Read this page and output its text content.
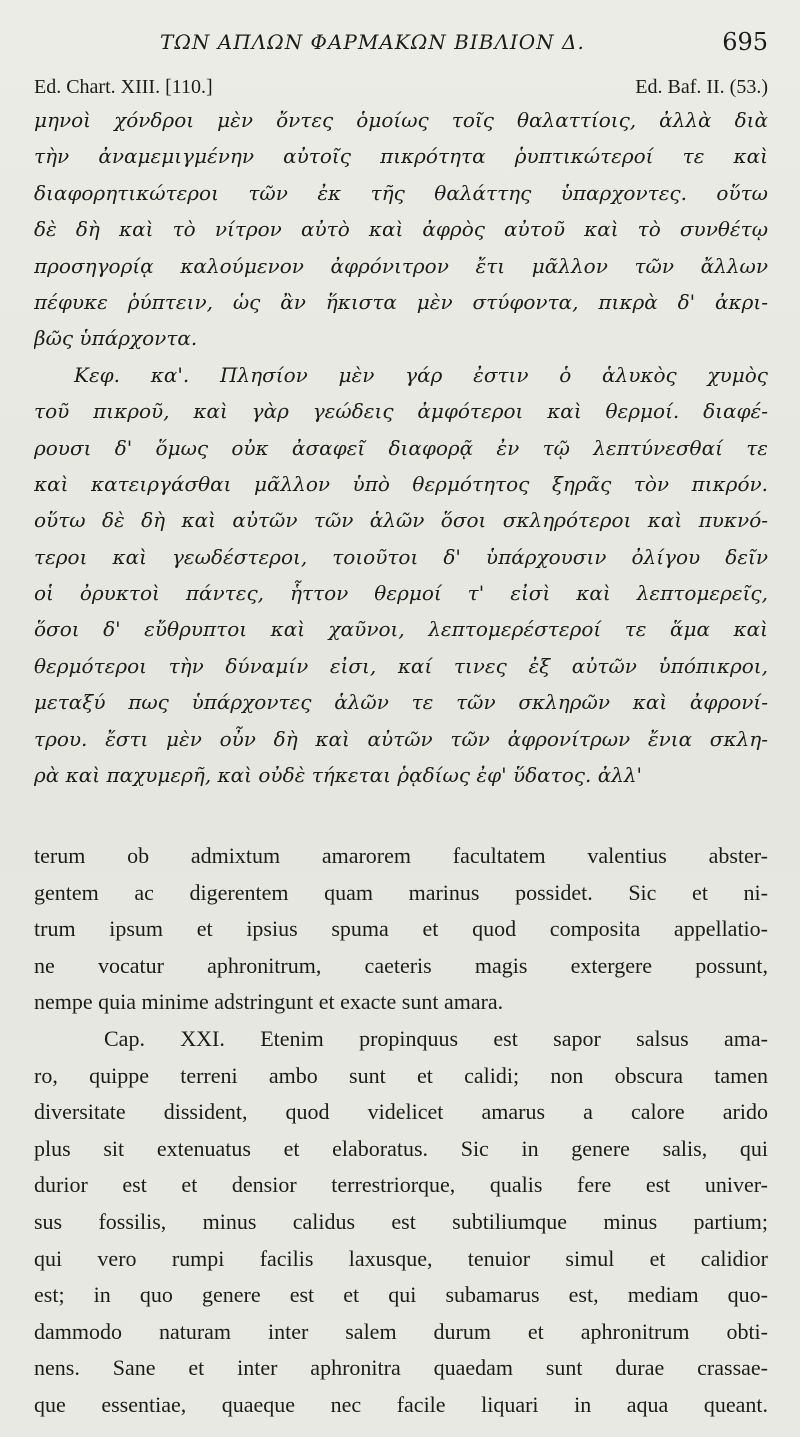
ΤΩΝ ΑΠΛΩΝ ΦΑΡΜΑΚΩΝ ΒΙΒΛΙΟΝ Δ.	695
Ed. Chart. XIII. [110.]	Ed. Baf. II. (53.)
μηνοὶ χόνδροι μὲν ὄντες ὁμοίως τοῖς θαλαττίοις, ἀλλὰ διὰ
τὴν ἀναμεμιγμένην αὐτοῖς πικρότητα ῥυπτικώτεροί τε καὶ
διαφορητικώτεροι τῶν ἐκ τῆς θαλάττης ὑπαρχοντες. οὕτω
δὲ δὴ καὶ τὸ νίτρον αὐτὸ καὶ ἀφρὸς αὐτοῦ καὶ τὸ συνθέτῳ
προσηγορίᾳ καλούμενον ἀφρόνιτρον ἔτι μᾶλλον τῶν ἄλλων
πέφυκε ῥύπτειν, ὡς ἂν ἥκιστα μὲν στύφοντα, πικρὰ δ' ἀκρι-
βῶς ὑπάρχοντα.
Κεφ. κα'. Πλησίον μὲν γάρ ἐστιν ὁ ἁλυκὸς χυμὸς
τοῦ πικροῦ, καὶ γὰρ γεώδεις ἀμφότεροι καὶ θερμοί. διαφέ-
ρουσι δ' ὅμως οὐκ ἀσαφεῖ διαφορᾷ ἐν τῷ λεπτύνεσθαί τε
καὶ κατειργάσθαι μᾶλλον ὑπὸ θερμότητος ξηρᾶς τὸν πικρόν.
οὕτω δὲ δὴ καὶ αὐτῶν τῶν ἁλῶν ὅσοι σκληρότεροι καὶ πυκνό-
τεροι καὶ γεωδέστεροι, τοιοῦτοι δ' ὑπάρχουσιν ὀλίγου δεῖν
οἱ ὀρυκτοὶ πάντες, ἧττον θερμοί τ' εἰσὶ καὶ λεπτομερεῖς,
ὅσοι δ' εὔθρυπτοι καὶ χαῦνοι, λεπτομερέστεροί τε ἅμα καὶ
θερμότεροι τὴν δύναμίν εἰσι, καί τινες ἐξ αὐτῶν ὑπόπικροι,
μεταξύ πως ὑπάρχοντες ἁλῶν τε τῶν σκληρῶν καὶ ἀφρονί-
τρου. ἔστι μὲν οὖν δὴ καὶ αὐτῶν τῶν ἀφρονίτρων ἔνια σκλη-
ρὰ καὶ παχυμερῆ, καὶ οὐδὲ τήκεται ῥᾳδίως ἐφ' ὕδατος. ἀλλ'
terum ob admixtum amarorem facultatem valentius abster-
gentem ac digerentem quam marinus possidet. Sic et ni-
trum ipsum et ipsius spuma et quod composita appellatio-
ne vocatur aphronitrum, caeteris magis extergere possunt,
nempe quia minime adstringunt et exacte sunt amara.
Cap. XXI. Etenim propinquus est sapor salsus ama-
ro, quippe terreni ambo sunt et calidi; non obscura tamen
diversitate dissident, quod videlicet amarus a calore arido
plus sit extenuatus et elaboratus. Sic in genere salis, qui
durior est et densior terrestriorque, qualis fere est univer-
sus fossilis, minus calidus est subtiliumque minus partium;
qui vero rumpi facilis laxusque, tenuior simul et calidior
est; in quo genere est et qui subamarus est, mediam quo-
dammodo naturam inter salem durum et aphronitrum obti-
nens. Sane et inter aphronitra quaedam sunt durae crassae-
que essentiae, quaeque nec facile liquari in aqua queant.
